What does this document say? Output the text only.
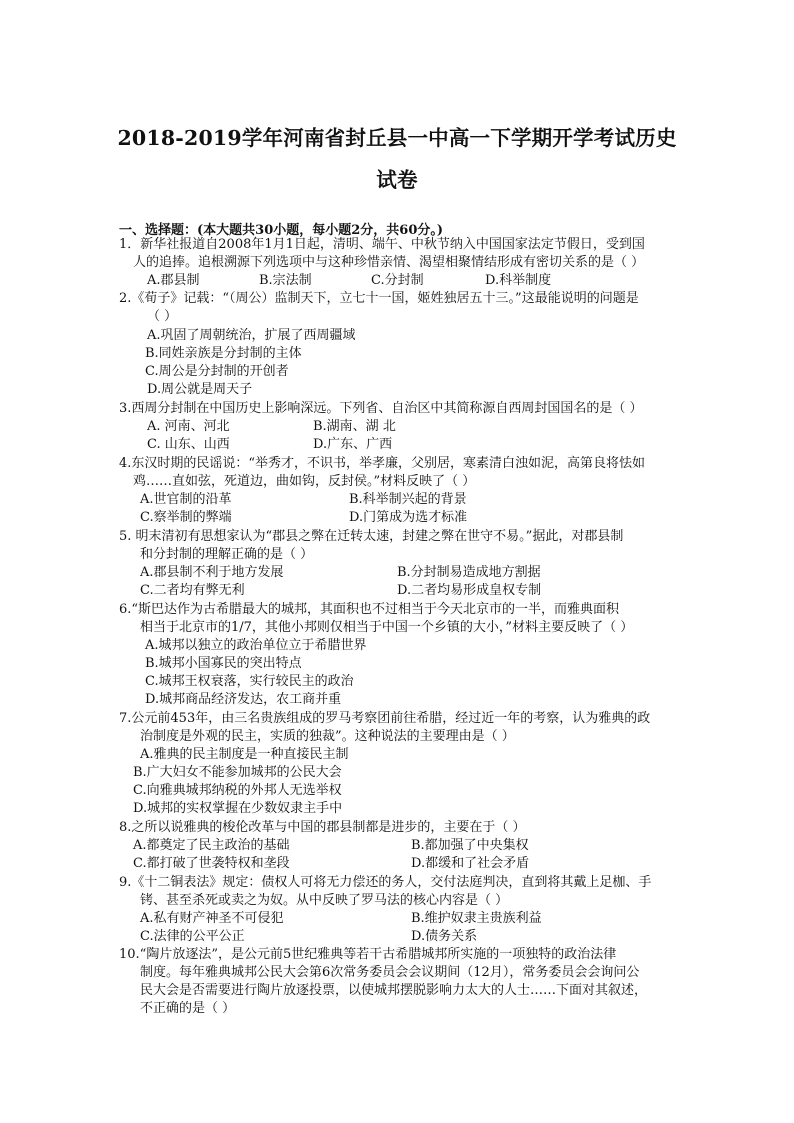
2018-2019学年河南省封丘县一中高一下学期开学考试历史
试卷
一、选择题：(本大题共30小题，每小题2分，共60分。)
1．新华社报道自2008年1月1日起，清明、端午、中秋节纳入中国国家法定节假日，受到国
人的追捧。追根溯源下列选项中与这种珍惜亲情、渴望相聚情结形成有密切关系的是（ ）
A.郡县制	B.宗法制	C.分封制	D.科举制度
2.《荀子》记载：“（周公）监制天下，立七十一国，姬姓独居五十三。”这最能说明的问题是
（ ）
A.巩固了周朝统治，扩展了西周疆域
B.同姓亲族是分封制的主体
C.周公是分封制的开创者
D.周公就是周天子
3.西周分封制在中国历史上影响深远。下列省、自治区中其简称源自西周封国国名的是（ ）
A. 河南、河北	B.湖南、湖 北
C. 山东、山西	D.广东、广西
4.东汉时期的民谣说：“举秀才，不识书，举孝廉，父别居，寒素清白浊如泥，高第良将怯如
鸡……直如弦，死道边，曲如钩，反封侯。”材料反映了（ ）
A.世官制的沿革	B.科举制兴起的背景
C.察举制的弊端	D.门第成为选才标准
5. 明末清初有思想家认为“郡县之弊在迁转太速，封建之弊在世守不易。”据此，对郡县制
和分封制的理解正确的是（ ）
A.郡县制不利于地方发展	B.分封制易造成地方割据
C.二者均有弊无利	D.二者均易形成皇权专制
6.“斯巴达作为古希腊最大的城邦，其面积也不过相当于今天北京市的一半，而雅典面积
相当于北京市的1/7，其他小邦则仅相当于中国一个乡镇的大小，”材料主要反映了（ ）
A.城邦以独立的政治单位立于希腊世界
B.城邦小国寡民的突出特点
C.城邦王权衰落，实行较民主的政治
D.城邦商品经济发达，农工商并重
7.公元前453年，由三名贵族组成的罗马考察团前往希腊，经过近一年的考察，认为雅典的政
治制度是外观的民主，实质的独裁”。这种说法的主要理由是（ ）
A.雅典的民主制度是一种直接民主制
B.广大妇女不能参加城邦的公民大会
C.向雅典城邦纳税的外邦人无选举权
D.城邦的实权掌握在少数奴隶主手中
8.之所以说雅典的梭伦改革与中国的郡县制都是进步的，主要在于（ ）
A.都奠定了民主政治的基础	B.都加强了中央集权
C.都打破了世袭特权和垄段	D.都缓和了社会矛盾
9.《十二铜表法》规定：债权人可将无力偿还的务人，交付法庭判决，直到将其戴上足枷、手
铐、甚至杀死或卖之为奴。从中反映了罗马法的核心内容是（ ）
A.私有财产神圣不可侵犯	B.维护奴隶主贵族利益
C.法律的公平公正	D.债务关系
10.“陶片放逐法”，是公元前5世纪雅典等若干古希腊城邦所实施的一项独特的政治法律
制度。每年雅典城邦公民大会第6次常务委员会会议期间（12月），常务委员会会询问公
民大会是否需要进行陶片放逐投票，以使城邦摆脱影响力太大的人士……下面对其叙述，
不正确的是（ ）
